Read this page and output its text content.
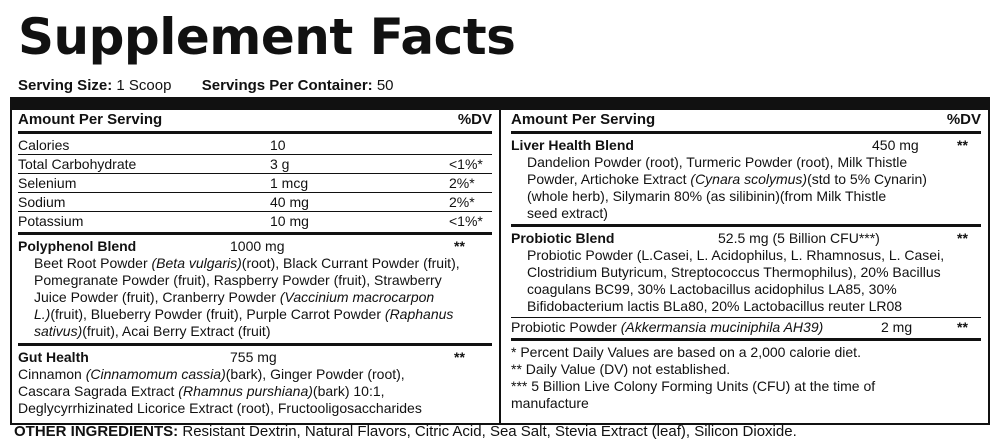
Supplement Facts
Serving Size: 1 Scoop Servings Per Container: 50
Amount Per Serving	%DV
Calories	10
Total Carbohydrate	3 g	<1%*
Selenium	1 mcg	2%*
Sodium	40 mg	2%*
Potassium	10 mg	<1%*
Polyphenol Blend	1000 mg	**
Beet Root Powder (Beta vulgaris)(root), Black Currant Powder (fruit),
Pomegranate Powder (fruit), Raspberry Powder (fruit), Strawberry
Juice Powder (fruit), Cranberry Powder (Vaccinium macrocarpon
L.)(fruit), Blueberry Powder (fruit), Purple Carrot Powder (Raphanus
sativus)(fruit), Acai Berry Extract (fruit)
Gut Health	755 mg	**
Cinnamon (Cinnamomum cassia)(bark), Ginger Powder (root),
Cascara Sagrada Extract (Rhamnus purshiana)(bark) 10:1,
Deglycyrrhizinated Licorice Extract (root), Fructooligosaccharides
Amount Per Serving	%DV
Liver Health Blend	450 mg	**
Dandelion Powder (root), Turmeric Powder (root), Milk Thistle
Powder, Artichoke Extract (Cynara scolymus)(std to 5% Cynarin)
(whole herb), Silymarin 80% (as silibinin)(from Milk Thistle
seed extract)
Probiotic Blend	52.5 mg (5 Billion CFU***)	**
Probiotic Powder (L.Casei, L. Acidophilus, L. Rhamnosus, L. Casei,
Clostridium Butyricum, Streptococcus Thermophilus), 20% Bacillus
coagulans BC99, 30% Lactobacillus acidophilus LA85, 30%
Bifidobacterium lactis BLa80, 20% Lactobacillus reuter LR08
Probiotic Powder (Akkermansia muciniphila AH39)	2 mg	**
* Percent Daily Values are based on a 2,000 calorie diet.
** Daily Value (DV) not established.
*** 5 Billion Live Colony Forming Units (CFU) at the time of
manufacture
OTHER INGREDIENTS: Resistant Dextrin, Natural Flavors, Citric Acid, Sea Salt, Stevia Extract (leaf), Silicon Dioxide.
